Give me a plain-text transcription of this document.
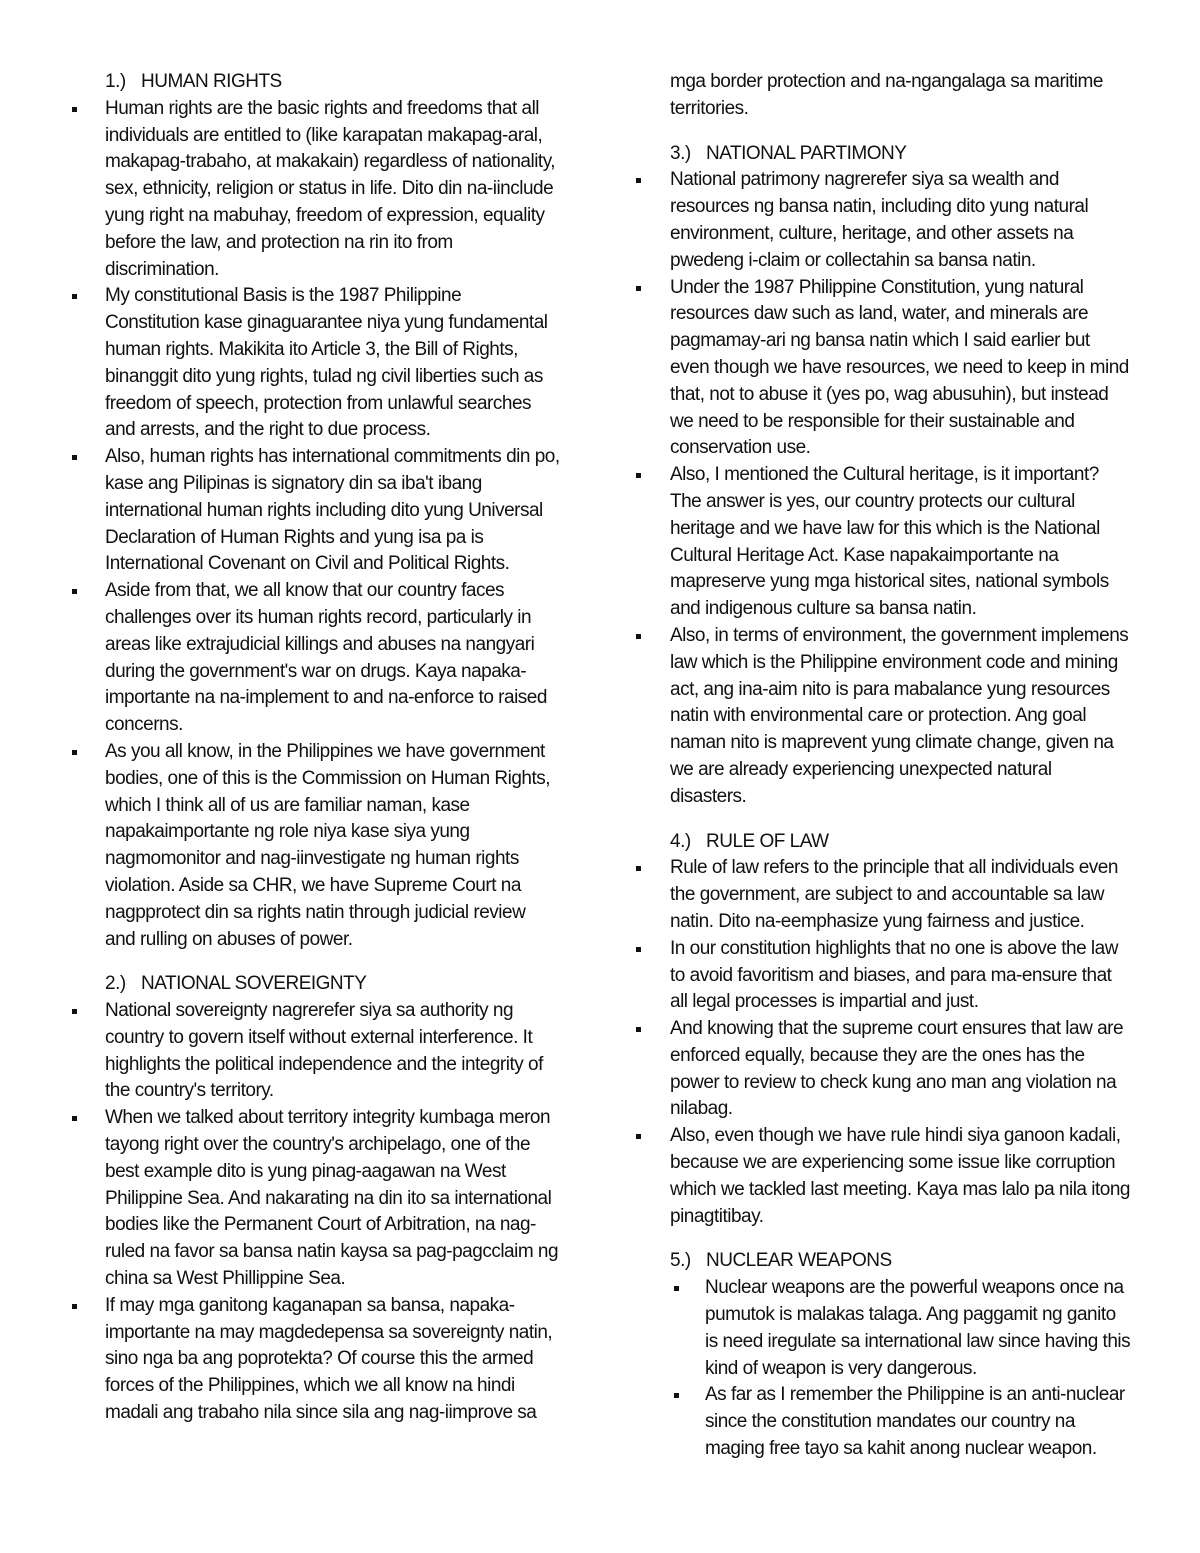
1.) HUMAN RIGHTS
Human rights are the basic rights and freedoms that all individuals are entitled to (like karapatan makapag-aral, makapag-trabaho, at makakain) regardless of nationality, sex, ethnicity, religion or status in life. Dito din na-iinclude yung right na mabuhay, freedom of expression, equality before the law, and protection na rin ito from discrimination.
My constitutional Basis is the 1987 Philippine Constitution kase ginaguarantee niya yung fundamental human rights. Makikita ito Article 3, the Bill of Rights, binanggit dito yung rights, tulad ng civil liberties such as freedom of speech, protection from unlawful searches and arrests, and the right to due process.
Also, human rights has international commitments din po, kase ang Pilipinas is signatory din sa iba't ibang international human rights including dito yung Universal Declaration of Human Rights and yung isa pa is International Covenant on Civil and Political Rights.
Aside from that, we all know that our country faces challenges over its human rights record, particularly in areas like extrajudicial killings and abuses na nangyari during the government's war on drugs. Kaya napaka-importante na na-implement to and na-enforce to raised concerns.
As you all know, in the Philippines we have government bodies, one of this is the Commission on Human Rights, which I think all of us are familiar naman, kase napakaimportante ng role niya kase siya yung nagmomonitor and nag-iinvestigate ng human rights violation. Aside sa CHR, we have Supreme Court na nagpprotect din sa rights natin through judicial review and rulling on abuses of power.
2.) NATIONAL SOVEREIGNTY
National sovereignty nagrerefer siya sa authority ng country to govern itself without external interference. It highlights the political independence and the integrity of the country's territory.
When we talked about territory integrity kumbaga meron tayong right over the country's archipelago, one of the best example dito is yung pinag-aagawan na West Philippine Sea. And nakarating na din ito sa international bodies like the Permanent Court of Arbitration, na nag-ruled na favor sa bansa natin kaysa sa pag-pagcclaim ng china sa West Phillippine Sea.
If may mga ganitong kaganapan sa bansa, napaka-importante na may magdedepensa sa sovereignty natin, sino nga ba ang poprotekta? Of course this the armed forces of the Philippines, which we all know na hindi madali ang trabaho nila since sila ang nag-iimprove sa
mga border protection and na-ngangalaga sa maritime territories.
3.) NATIONAL PARTIMONY
National patrimony nagrerefer siya sa wealth and resources ng bansa natin, including dito yung natural environment, culture, heritage, and other assets na pwedeng i-claim or collectahin sa bansa natin.
Under the 1987 Philippine Constitution, yung natural resources daw such as land, water, and minerals are pagmamay-ari ng bansa natin which I said earlier but even though we have resources, we need to keep in mind that, not to abuse it (yes po, wag abusuhin), but instead we need to be responsible for their sustainable and conservation use.
Also, I mentioned the Cultural heritage, is it important? The answer is yes, our country protects our cultural heritage and we have law for this which is the National Cultural Heritage Act. Kase napakaimportante na mapreserve yung mga historical sites, national symbols and indigenous culture sa bansa natin.
Also, in terms of environment, the government implemens law which is the Philippine environment code and mining act, ang ina-aim nito is para mabalance yung resources natin with environmental care or protection. Ang goal naman nito is maprevent yung climate change, given na we are already experiencing unexpected natural disasters.
4.) RULE OF LAW
Rule of law refers to the principle that all individuals even the government, are subject to and accountable sa law natin. Dito na-eemphasize yung fairness and justice.
In our constitution highlights that no one is above the law to avoid favoritism and biases, and para ma-ensure that all legal processes is impartial and just.
And knowing that the supreme court ensures that law are enforced equally, because they are the ones has the power to review to check kung ano man ang violation na nilabag.
Also, even though we have rule hindi siya ganoon kadali, because we are experiencing some issue like corruption which we tackled last meeting. Kaya mas lalo pa nila itong pinagtitibay.
5.) NUCLEAR WEAPONS
Nuclear weapons are the powerful weapons once na pumutok is malakas talaga. Ang paggamit ng ganito is need iregulate sa international law since having this kind of weapon is very dangerous.
As far as I remember the Philippine is an anti-nuclear since the constitution mandates our country na maging free tayo sa kahit anong nuclear weapon.
